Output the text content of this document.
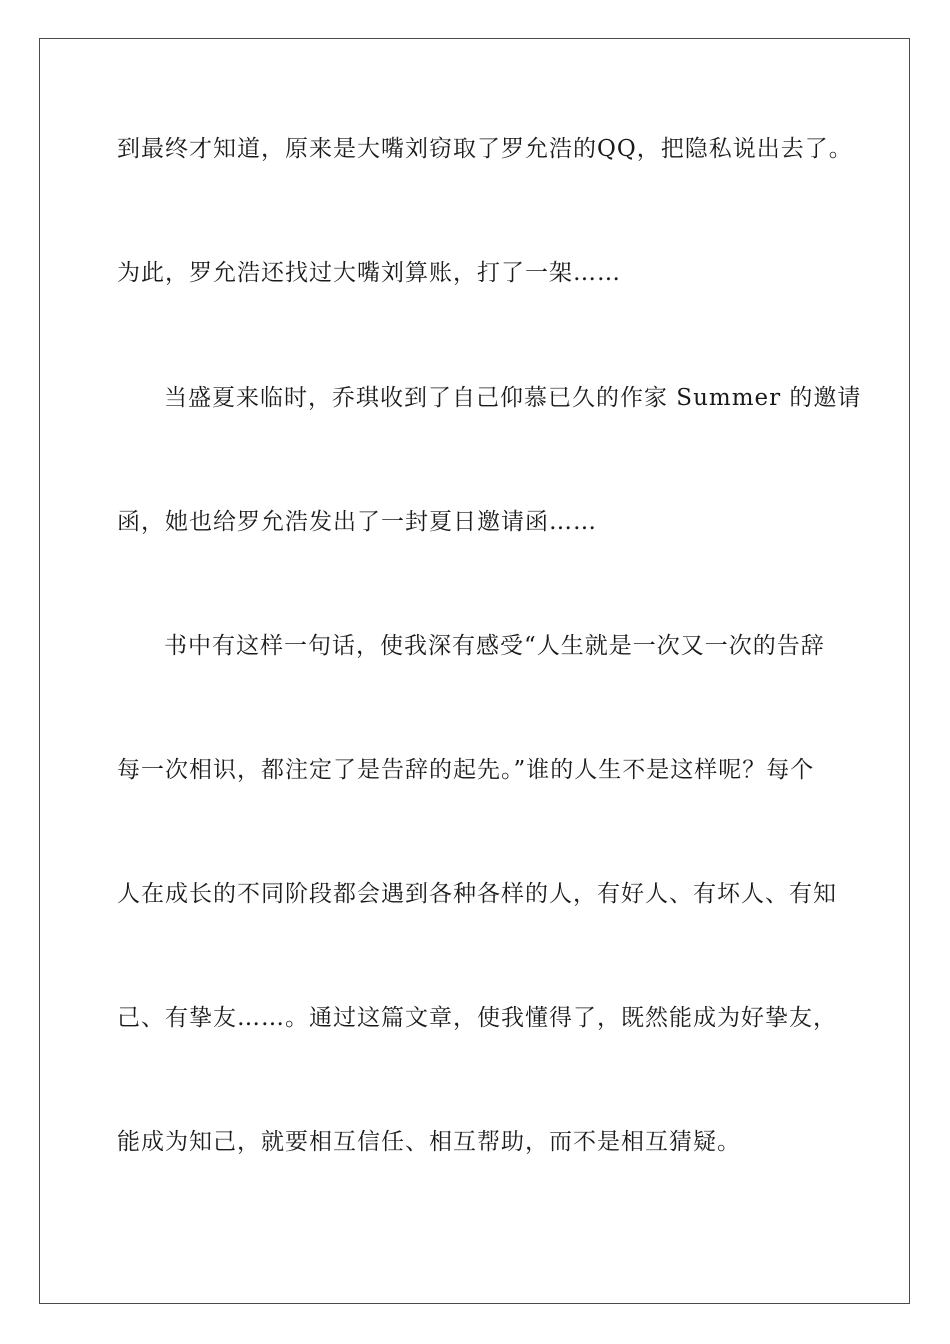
到最终才知道，原来是大嘴刘窃取了罗允浩的QQ，把隐私说出去了。
为此，罗允浩还找过大嘴刘算账，打了一架……
当盛夏来临时，乔琪收到了自己仰慕已久的作家 Summer 的邀请
函，她也给罗允浩发出了一封夏日邀请函……
书中有这样一句话，使我深有感受“人生就是一次又一次的告辞
每一次相识，都注定了是告辞的起先。”谁的人生不是这样呢？每个
人在成长的不同阶段都会遇到各种各样的人，有好人、有坏人、有知
己、有挚友……。通过这篇文章，使我懂得了，既然能成为好挚友，
能成为知己，就要相互信任、相互帮助，而不是相互猜疑。
